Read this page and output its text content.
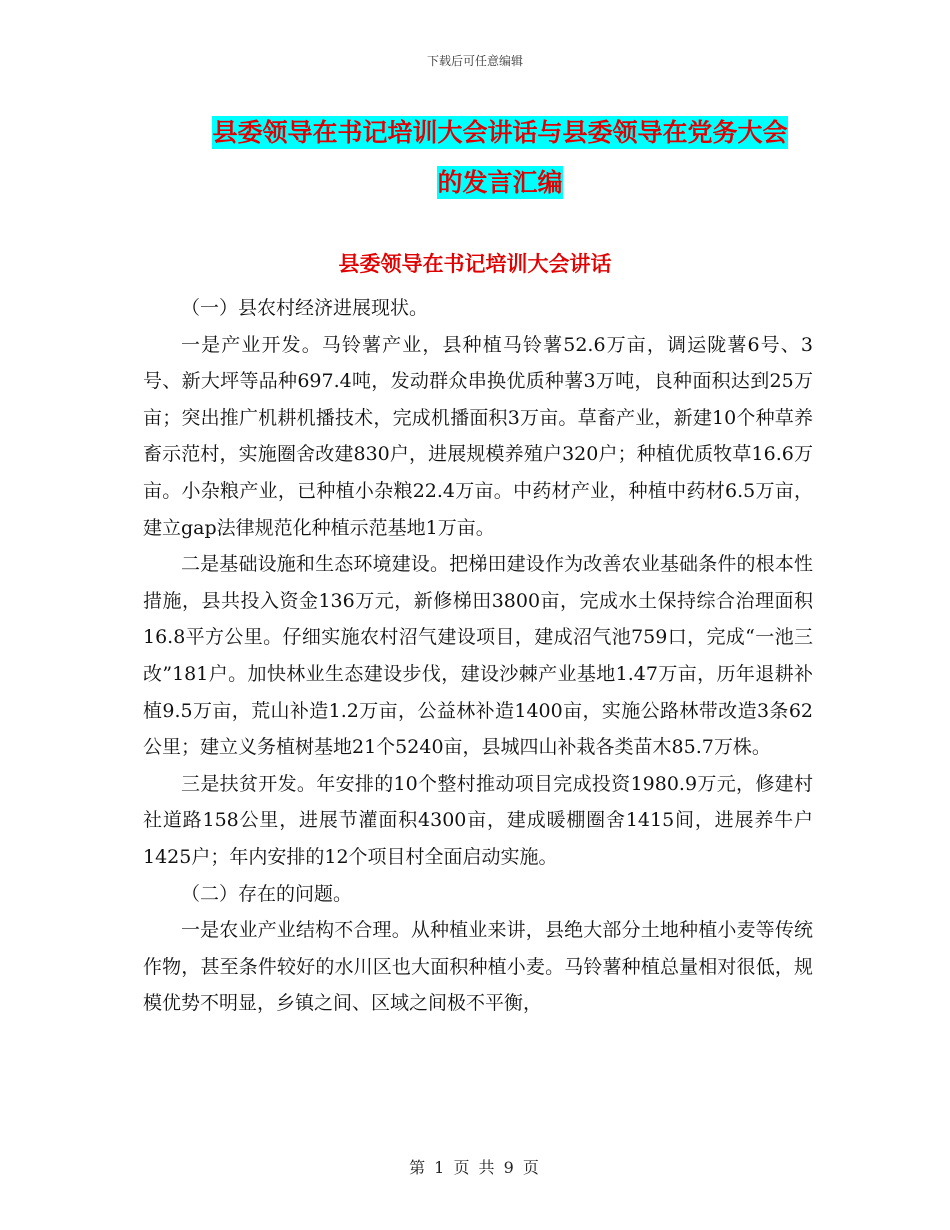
下载后可任意编辑
县委领导在书记培训大会讲话与县委领导在党务大会
的发言汇编
县委领导在书记培训大会讲话

（一）县农村经济进展现状。

一是产业开发。马铃薯产业，县种植马铃薯52.6万亩，调运陇薯6号、3号、新大坪等品种697.4吨，发动群众串换优质种薯3万吨，良种面积达到25万亩；突出推广机耕机播技术，完成机播面积3万亩。草畜产业，新建10个种草养畜示范村，实施圈舍改建830户，进展规模养殖户320户；种植优质牧草16.6万亩。小杂粮产业，已种植小杂粮22.4万亩。中药材产业，种植中药材6.5万亩，建立gap法律规范化种植示范基地1万亩。

二是基础设施和生态环境建设。把梯田建设作为改善农业基础条件的根本性措施，县共投入资金136万元，新修梯田3800亩，完成水土保持综合治理面积16.8平方公里。仔细实施农村沼气建设项目，建成沼气池759口，完成“一池三改”181户。加快林业生态建设步伐，建设沙棘产业基地1.47万亩，历年退耕补植9.5万亩，荒山补造1.2万亩，公益林补造1400亩，实施公路林带改造3条62公里；建立义务植树基地21个5240亩，县城四山补栽各类苗木85.7万株。

三是扶贫开发。年安排的10个整村推动项目完成投资1980.9万元，修建村社道路158公里，进展节灌面积4300亩，建成暖棚圈舍1415间，进展养牛户1425户；年内安排的12个项目村全面启动实施。

（二）存在的问题。

一是农业产业结构不合理。从种植业来讲，县绝大部分土地种植小麦等传统作物，甚至条件较好的水川区也大面积种植小麦。马铃薯种植总量相对很低，规模优势不明显，乡镇之间、区域之间极不平衡，

第 1 页 共 9 页
